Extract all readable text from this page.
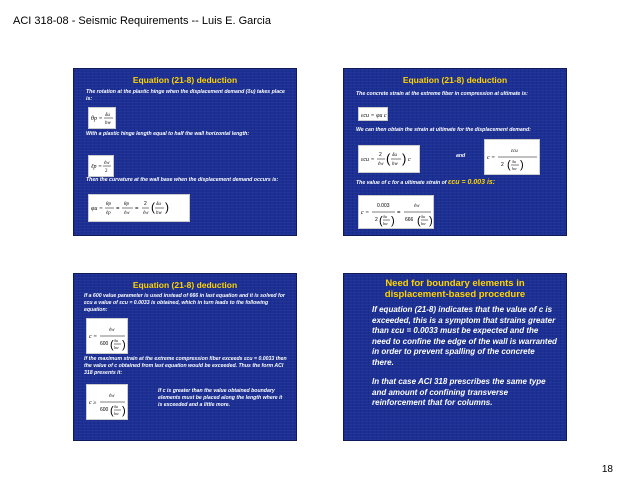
ACI 318-08 - Seismic Requirements -- Luis E. Garcia
Equation (21-8) deduction
The rotation at the plastic hinge when the displacement demand (δu) takes place is:
θp =
δu
hw
With a plastic hinge length equal to half the wall horizontal length:
ℓp =
ℓw
2
Then the curvature at the wall base when the displacement demand occurs is:
φu =
θp
ℓp
=
θp
ℓw
=
2
ℓw ( δu
hw )
Equation (21-8) deduction
The concrete strain at the extreme fiber in compression at ultimate is:
εcu = φu c
We can then obtain the strain at ultimate for the displacement demand:
εcu =
2
ℓw ( δu
hw ) c
and	c =
εcu
2 ( δu
hw )
The value of c for a ultimate strain of εcu = 0.003 is:
c =
0.003
2 ( δu
hw )
=
ℓw
666 ( δu
hw )
Equation (21-8) deduction
If a 600 value parameter is used instead of 666 in last equation and it is solved for εcu a value of εcu = 0.0033 is obtained, which in turn leads to the following equation:
c =
ℓw
600 ( δu
hw )
If the maximum strain at the extreme compression fiber exceeds εcu = 0.0033 then the value of c obtained from last equation would be exceeded. Thus the form ACI 318 presents it:
c ≥
ℓw
600 ( δu
hw )
If c is greater than the value obtained boundary elements must be placed along the length where it is exceeded and a little more.
Need for boundary elements in displacement-based procedure
If equation (21-8) indicates that the value of c is exceeded, this is a symptom that strains greater than εcu = 0.0033 must be expected and the need to confine the edge of the wall is warranted in order to prevent spalling of the concrete there.
In that case ACI 318 prescribes the same type and amount of confining transverse reinforcement that for columns.
18
